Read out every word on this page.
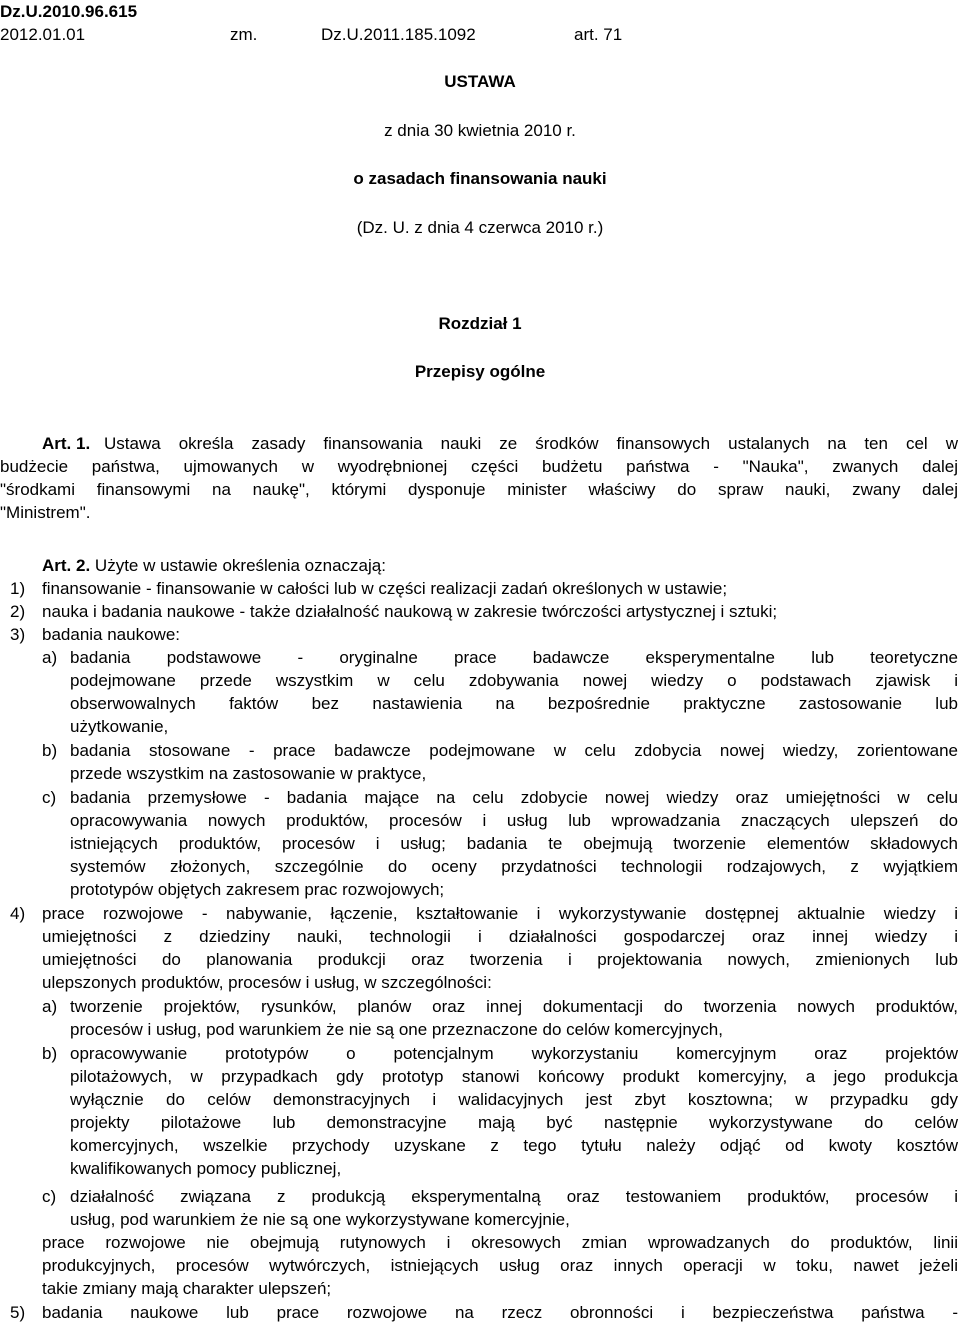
Dz.U.2010.96.615
2012.01.01	zm.	Dz.U.2011.185.1092	art. 71
USTAWA
z dnia 30 kwietnia 2010 r.
o zasadach finansowania nauki
(Dz. U. z dnia 4 czerwca 2010 r.)
Rozdział 1
Przepisy ogólne
Art. 1. Ustawa określa zasady finansowania nauki ze środków finansowych ustalanych na ten cel w
budżecie państwa, ujmowanych w wyodrębnionej części budżetu państwa - "Nauka", zwanych dalej
"środkami finansowymi na naukę", którymi dysponuje minister właściwy do spraw nauki, zwany dalej
"Ministrem".
Art. 2. Użyte w ustawie określenia oznaczają:
1) finansowanie - finansowanie w całości lub w części realizacji zadań określonych w ustawie;
2) nauka i badania naukowe - także działalność naukową w zakresie twórczości artystycznej i sztuki;
3) badania naukowe:
a) badania podstawowe - oryginalne prace badawcze eksperymentalne lub teoretyczne
podejmowane przede wszystkim w celu zdobywania nowej wiedzy o podstawach zjawisk i
obserwowalnych faktów bez nastawienia na bezpośrednie praktyczne zastosowanie lub
użytkowanie,
b) badania stosowane - prace badawcze podejmowane w celu zdobycia nowej wiedzy, zorientowane
przede wszystkim na zastosowanie w praktyce,
c) badania przemysłowe - badania mające na celu zdobycie nowej wiedzy oraz umiejętności w celu
opracowywania nowych produktów, procesów i usług lub wprowadzania znaczących ulepszeń do
istniejących produktów, procesów i usług; badania te obejmują tworzenie elementów składowych
systemów złożonych, szczególnie do oceny przydatności technologii rodzajowych, z wyjątkiem
prototypów objętych zakresem prac rozwojowych;
4) prace rozwojowe - nabywanie, łączenie, kształtowanie i wykorzystywanie dostępnej aktualnie wiedzy i
umiejętności z dziedziny nauki, technologii i działalności gospodarczej oraz innej wiedzy i
umiejętności do planowania produkcji oraz tworzenia i projektowania nowych, zmienionych lub
ulepszonych produktów, procesów i usług, w szczególności:
a) tworzenie projektów, rysunków, planów oraz innej dokumentacji do tworzenia nowych produktów,
procesów i usług, pod warunkiem że nie są one przeznaczone do celów komercyjnych,
b) opracowywanie prototypów o potencjalnym wykorzystaniu komercyjnym oraz projektów
pilotażowych, w przypadkach gdy prototyp stanowi końcowy produkt komercyjny, a jego produkcja
wyłącznie do celów demonstracyjnych i walidacyjnych jest zbyt kosztowna; w przypadku gdy
projekty pilotażowe lub demonstracyjne mają być następnie wykorzystywane do celów
komercyjnych, wszelkie przychody uzyskane z tego tytułu należy odjąć od kwoty kosztów
kwalifikowanych pomocy publicznej,
c) działalność związana z produkcją eksperymentalną oraz testowaniem produktów, procesów i
usług, pod warunkiem że nie są one wykorzystywane komercyjnie,
prace rozwojowe nie obejmują rutynowych i okresowych zmian wprowadzanych do produktów, linii
produkcyjnych, procesów wytwórczych, istniejących usług oraz innych operacji w toku, nawet jeżeli
takie zmiany mają charakter ulepszeń;
5) badania naukowe lub prace rozwojowe na rzecz obronności i bezpieczeństwa państwa -
